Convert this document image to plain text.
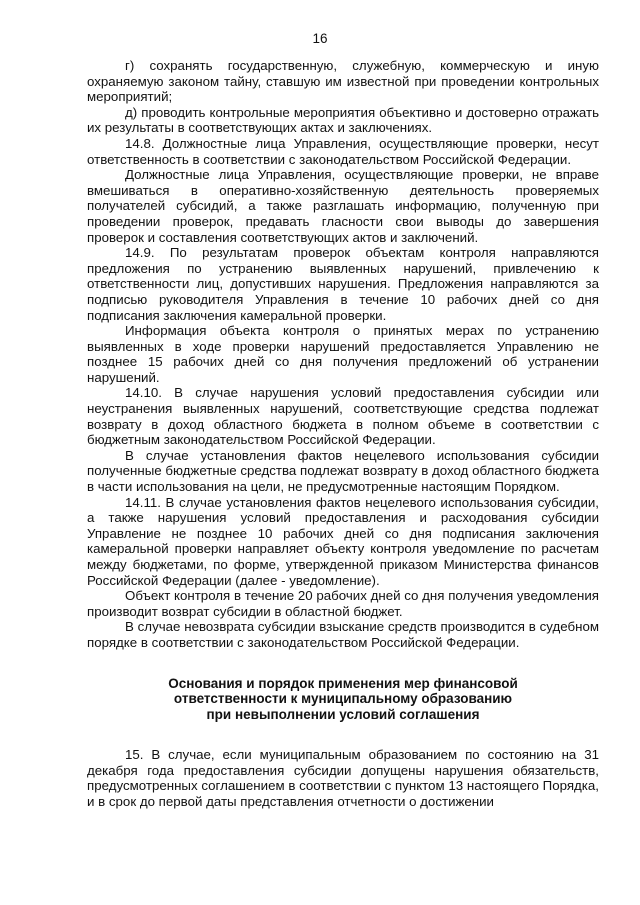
16

г) сохранять государственную, служебную, коммерческую и иную охраняемую законом тайну, ставшую им известной при проведении контрольных мероприятий;

д) проводить контрольные мероприятия объективно и достоверно отражать их результаты в соответствующих актах и заключениях.

14.8. Должностные лица Управления, осуществляющие проверки, несут ответственность в соответствии с законодательством Российской Федерации.

Должностные лица Управления, осуществляющие проверки, не вправе вмешиваться в оперативно-хозяйственную деятельность проверяемых получателей субсидий, а также разглашать информацию, полученную при проведении проверок, предавать гласности свои выводы до завершения проверок и составления соответствующих актов и заключений.

14.9. По результатам проверок объектам контроля направляются предложения по устранению выявленных нарушений, привлечению к ответственности лиц, допустивших нарушения. Предложения направляются за подписью руководителя Управления в течение 10 рабочих дней со дня подписания заключения камеральной проверки.

Информация объекта контроля о принятых мерах по устранению выявленных в ходе проверки нарушений предоставляется Управлению не позднее 15 рабочих дней со дня получения предложений об устранении нарушений.

14.10. В случае нарушения условий предоставления субсидии или неустранения выявленных нарушений, соответствующие средства подлежат возврату в доход областного бюджета в полном объеме в соответствии с бюджетным законодательством Российской Федерации.

В случае установления фактов нецелевого использования субсидии полученные бюджетные средства подлежат возврату в доход областного бюджета в части использования на цели, не предусмотренные настоящим Порядком.

14.11. В случае установления фактов нецелевого использования субсидии, а также нарушения условий предоставления и расходования субсидии Управление не позднее 10 рабочих дней со дня подписания заключения камеральной проверки направляет объекту контроля уведомление по расчетам между бюджетами, по форме, утвержденной приказом Министерства финансов Российской Федерации (далее - уведомление).

Объект контроля в течение 20 рабочих дней со дня получения уведомления производит возврат субсидии в областной бюджет.

В случае невозврата субсидии взыскание средств производится в судебном порядке в соответствии с законодательством Российской Федерации.

Основания и порядок применения мер финансовой
ответственности к муниципальному образованию
при невыполнении условий соглашения

15. В случае, если муниципальным образованием по состоянию на 31 декабря года предоставления субсидии допущены нарушения обязательств, предусмотренных соглашением в соответствии с пунктом 13 настоящего Порядка, и в срок до первой даты представления отчетности о достижении
